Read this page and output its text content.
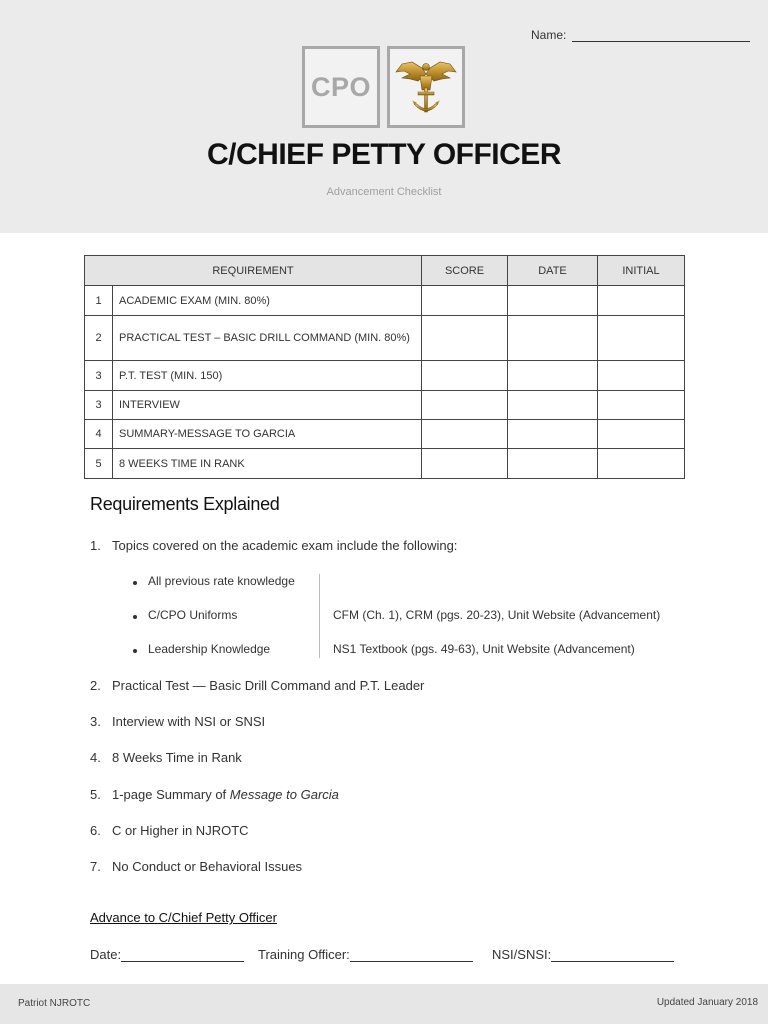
Name:
CPO
C/CHIEF PETTY OFFICER
Advancement Checklist
REQUIREMENT		SCORE	DATE	INITIAL
1	ACADEMIC EXAM (MIN. 80%)			
2	PRACTICAL TEST – BASIC DRILL COMMAND (MIN. 80%)			
3	P.T. TEST (MIN. 150)			
3	INTERVIEW			
4	SUMMARY-MESSAGE TO GARCIA			
5	8 WEEKS TIME IN RANK			
Requirements Explained
1. Topics covered on the academic exam include the following:
All previous rate knowledge
C/CPO Uniforms	CFM (Ch. 1), CRM (pgs. 20-23), Unit Website (Advancement)
Leadership Knowledge	NS1 Textbook (pgs. 49-63), Unit Website (Advancement)
2. Practical Test — Basic Drill Command and P.T. Leader
3. Interview with NSI or SNSI
4. 8 Weeks Time in Rank
5. 1-page Summary of Message to Garcia
6. C or Higher in NJROTC
7. No Conduct or Behavioral Issues
Advance to C/Chief Petty Officer
Date:	Training Officer:	NSI/SNSI:
Patriot NJROTC	Updated January 2018
